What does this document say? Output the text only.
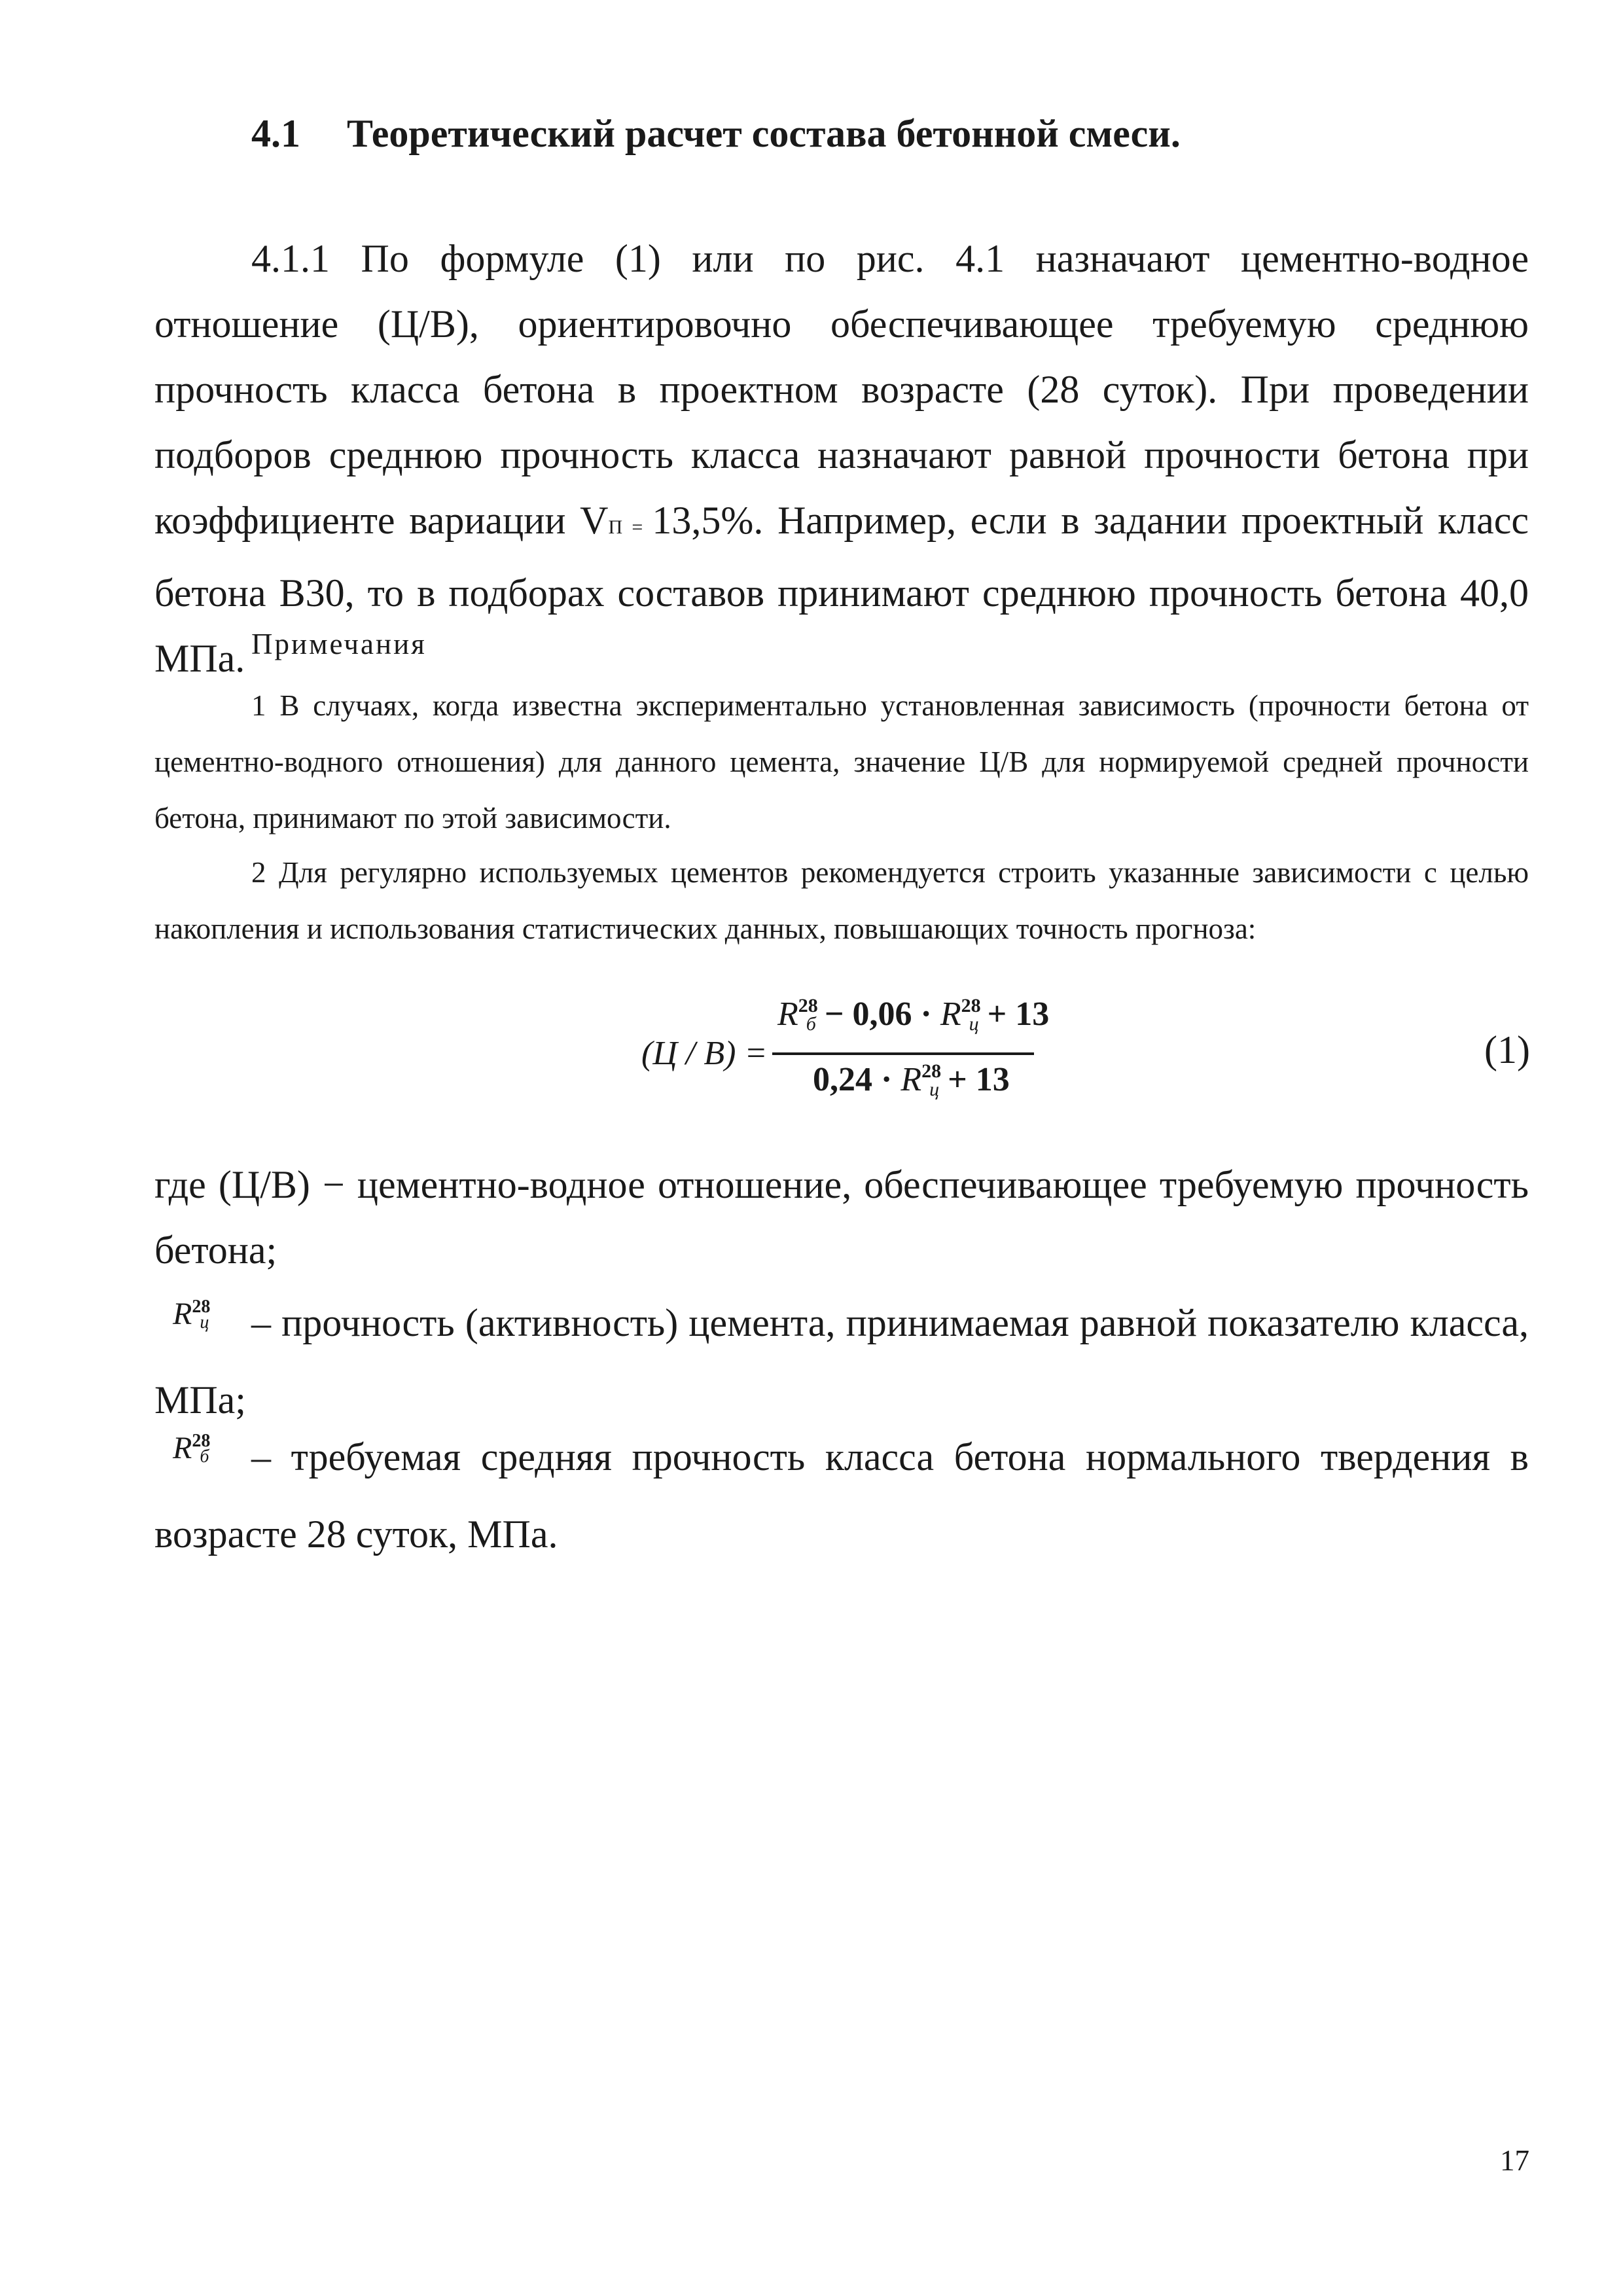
4.1 Теоретический расчет состава бетонной смеси.
4.1.1 По формуле (1) или по рис. 4.1 назначают цементно-водное отношение (Ц/В), ориентировочно обеспечивающее требуемую среднюю прочность класса бетона в проектном возрасте (28 суток). При проведении подборов среднюю прочность класса назначают равной прочности бетона при коэффициенте вариации VП = 13,5%. Например, если в задании проектный класс бетона В30, то в подборах составов принимают среднюю прочность бетона 40,0 МПа. Примечания
1 В случаях, когда известна экспериментально установленная зависимость (прочности бетона от цементно-водного отношения) для данного цемента, значение Ц/В для нормируемой средней прочности бетона, принимают по этой зависимости.
2 Для регулярно используемых цементов рекомендуется строить указанные зависимости с целью накопления и использования статистических данных, повышающих точность прогноза:
(Ц / В) =
$R^{28}_б - 0,06 \cdot R^{28}_ц + 13$
$0,24 \cdot R^{28}_ц + 13$
(1)
где (Ц/В) − цементно-водное отношение, обеспечивающее требуемую прочность бетона;
$R^{28}_ц$ – прочность (активность) цемента, принимаемая равной показателю класса, МПа;
$R^{28}_б$ – требуемая средняя прочность класса бетона нормального твердения в возрасте 28 суток, МПа.
17
